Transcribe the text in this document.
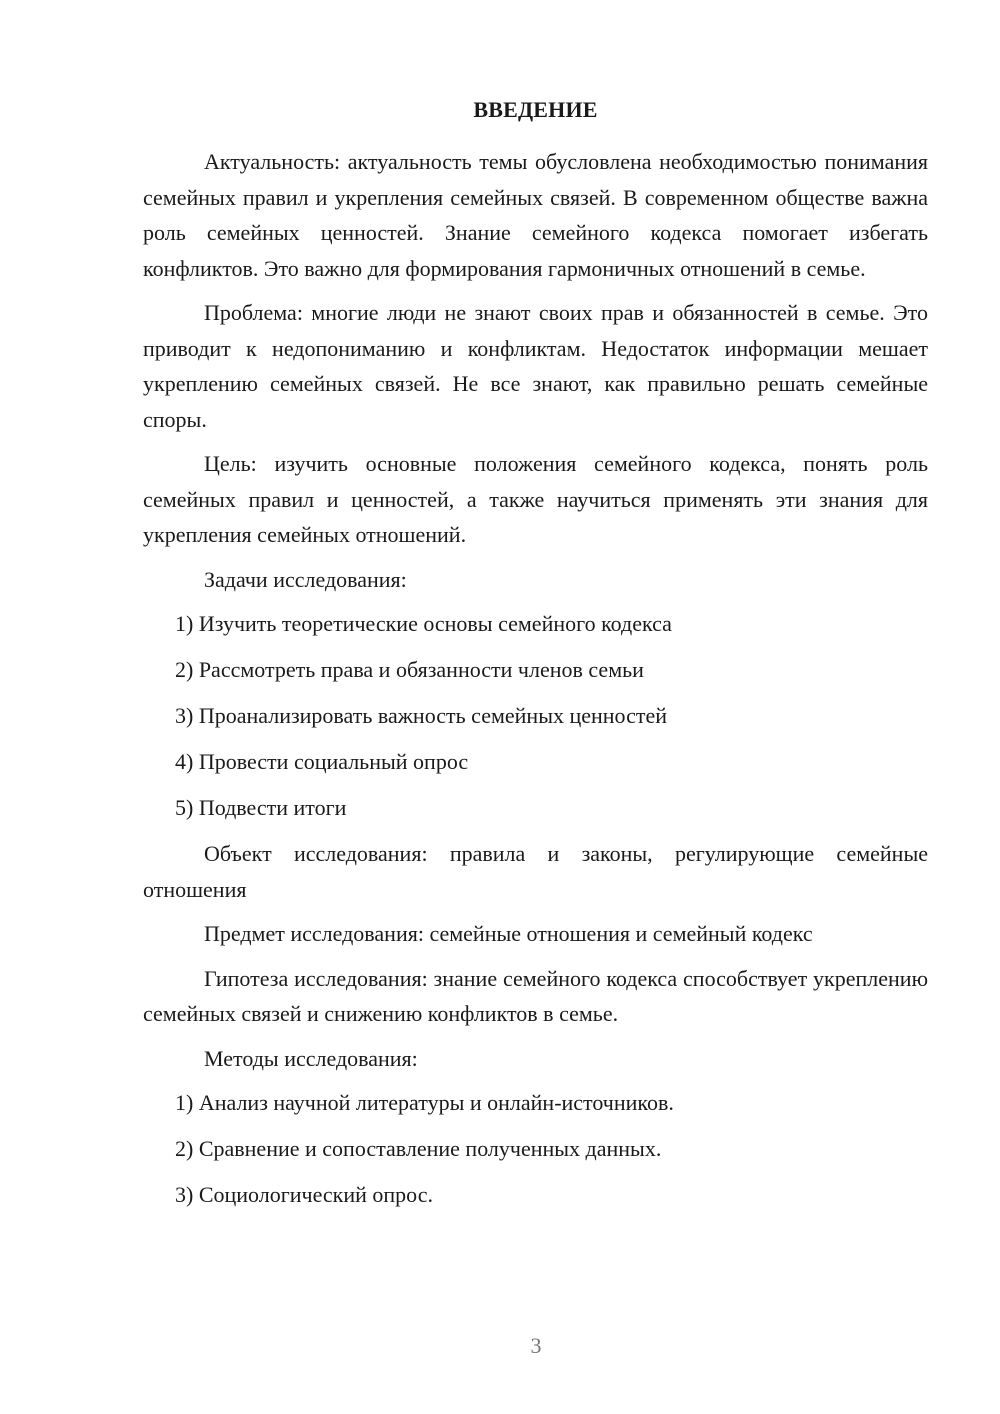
ВВЕДЕНИЕ

Актуальность: актуальность темы обусловлена необходимостью понимания семейных правил и укрепления семейных связей. В современном обществе важна роль семейных ценностей. Знание семейного кодекса помогает избегать конфликтов. Это важно для формирования гармоничных отношений в семье.

Проблема: многие люди не знают своих прав и обязанностей в семье. Это приводит к недопониманию и конфликтам. Недостаток информации мешает укреплению семейных связей. Не все знают, как правильно решать семейные споры.

Цель: изучить основные положения семейного кодекса, понять роль семейных правил и ценностей, а также научиться применять эти знания для укрепления семейных отношений.

Задачи исследования:

1) Изучить теоретические основы семейного кодекса

2) Рассмотреть права и обязанности членов семьи

3) Проанализировать важность семейных ценностей

4) Провести социальный опрос

5) Подвести итоги

Объект исследования: правила и законы, регулирующие семейные отношения

Предмет исследования: семейные отношения и семейный кодекс

Гипотеза исследования: знание семейного кодекса способствует укреплению семейных связей и снижению конфликтов в семье.

Методы исследования:

1) Анализ научной литературы и онлайн-источников.

2) Сравнение и сопоставление полученных данных.

3) Социологический опрос.

3
